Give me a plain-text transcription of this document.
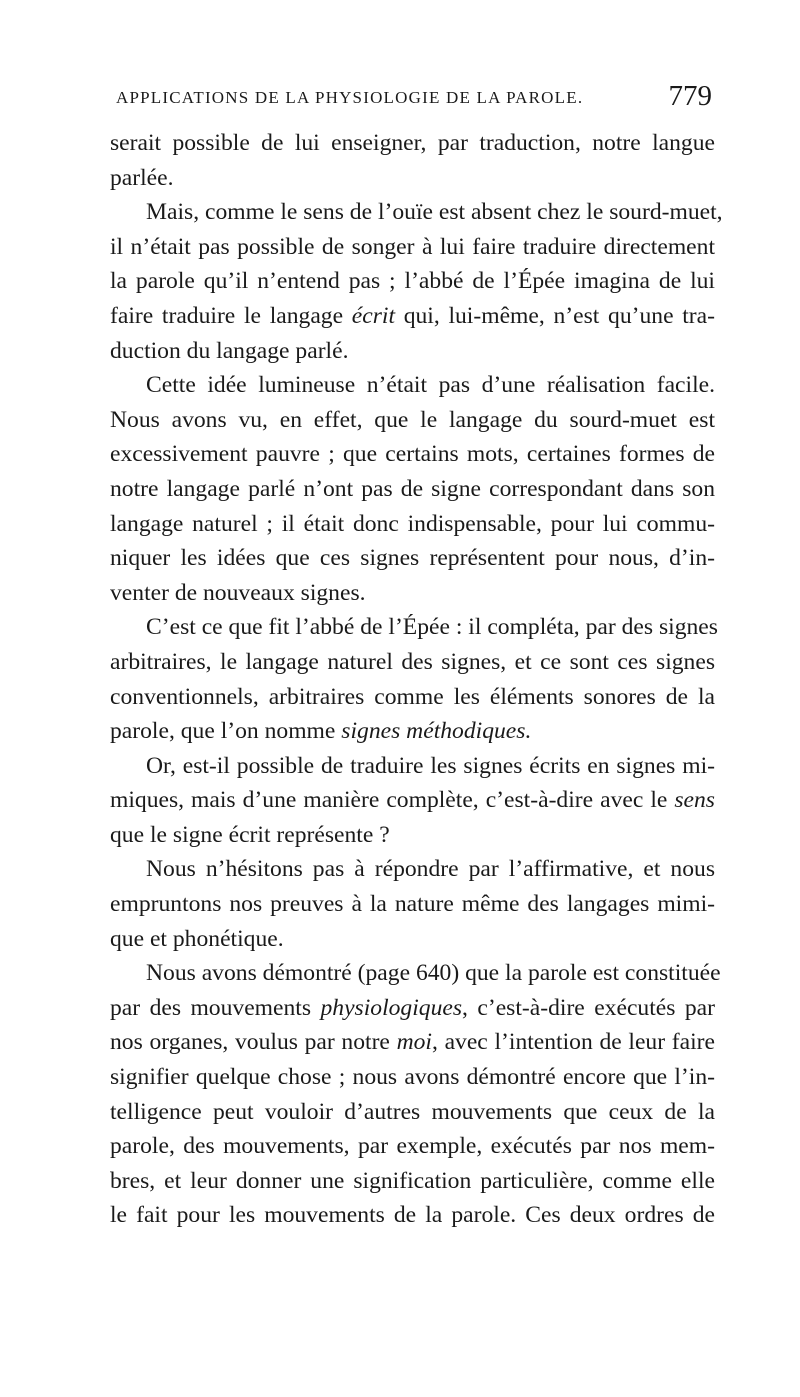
APPLICATIONS DE LA PHYSIOLOGIE DE LA PAROLE.	779
serait possible de lui enseigner, par traduction, notre langue
parlée.
Mais, comme le sens de l’ouïe est absent chez le sourd-muet,
il n’était pas possible de songer à lui faire traduire directement
la parole qu’il n’entend pas ; l’abbé de l’Épée imagina de lui
faire traduire le langage écrit qui, lui-même, n’est qu’une tra-
duction du langage parlé.
Cette idée lumineuse n’était pas d’une réalisation facile.
Nous avons vu, en effet, que le langage du sourd-muet est
excessivement pauvre ; que certains mots, certaines formes de
notre langage parlé n’ont pas de signe correspondant dans son
langage naturel ; il était donc indispensable, pour lui commu-
niquer les idées que ces signes représentent pour nous, d’in-
venter de nouveaux signes.
C’est ce que fit l’abbé de l’Épée : il compléta, par des signes
arbitraires, le langage naturel des signes, et ce sont ces signes
conventionnels, arbitraires comme les éléments sonores de la
parole, que l’on nomme signes méthodiques.
Or, est-il possible de traduire les signes écrits en signes mi-
miques, mais d’une manière complète, c’est-à-dire avec le sens
que le signe écrit représente ?
Nous n’hésitons pas à répondre par l’affirmative, et nous
empruntons nos preuves à la nature même des langages mimi-
que et phonétique.
Nous avons démontré (page 640) que la parole est constituée
par des mouvements physiologiques, c’est-à-dire exécutés par
nos organes, voulus par notre moi, avec l’intention de leur faire
signifier quelque chose ; nous avons démontré encore que l’in-
telligence peut vouloir d’autres mouvements que ceux de la
parole, des mouvements, par exemple, exécutés par nos mem-
bres, et leur donner une signification particulière, comme elle
le fait pour les mouvements de la parole. Ces deux ordres de
